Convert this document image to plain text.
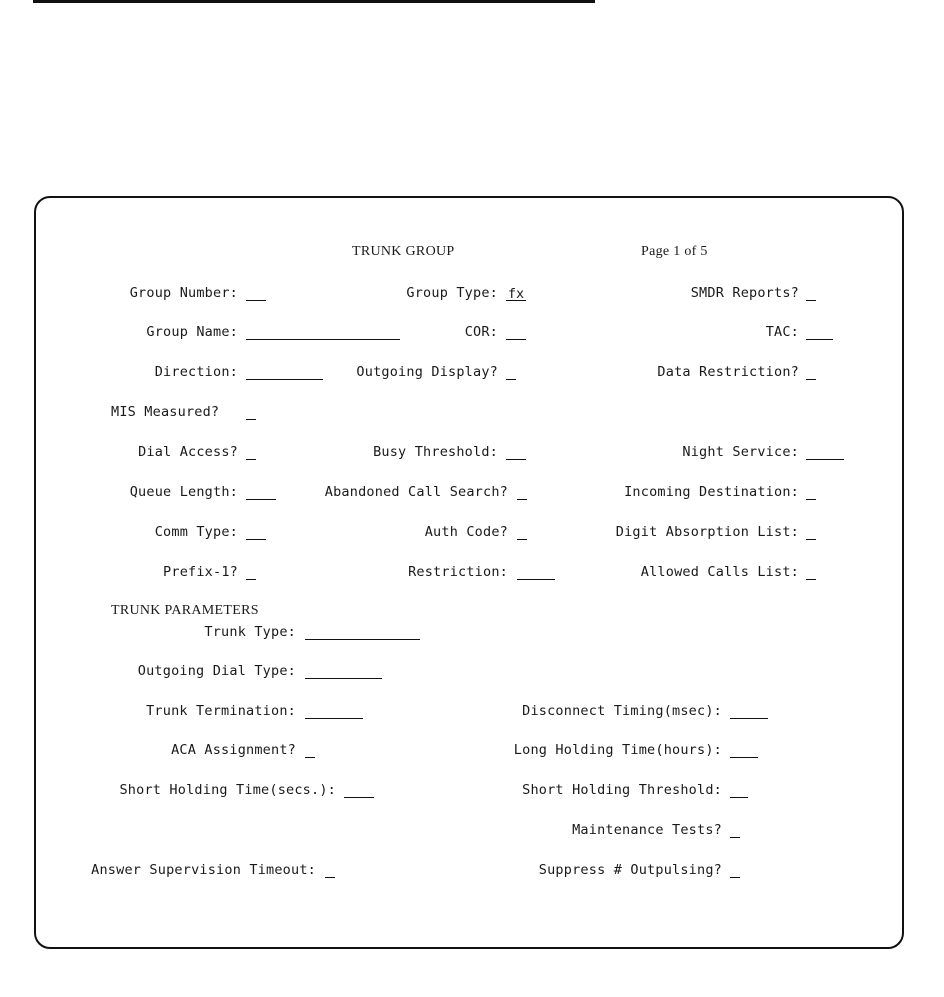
TRUNK GROUP	Page 1 of 5
Group Number:	Group Type: fx	SMDR Reports?
Group Name:	COR:	TAC:
Direction:	Outgoing Display?	Data Restriction?
MIS Measured?
Dial Access?	Busy Threshold:	Night Service:
Queue Length:	Abandoned Call Search?	Incoming Destination:
Comm Type:	Auth Code?	Digit Absorption List:
Prefix-1?	Restriction:	Allowed Calls List:
TRUNK PARAMETERS
Trunk Type:
Outgoing Dial Type:
Trunk Termination:	Disconnect Timing(msec):
ACA Assignment?	Long Holding Time(hours):
Short Holding Time(secs.):	Short Holding Threshold:
Maintenance Tests?
Answer Supervision Timeout:	Suppress # Outpulsing?
